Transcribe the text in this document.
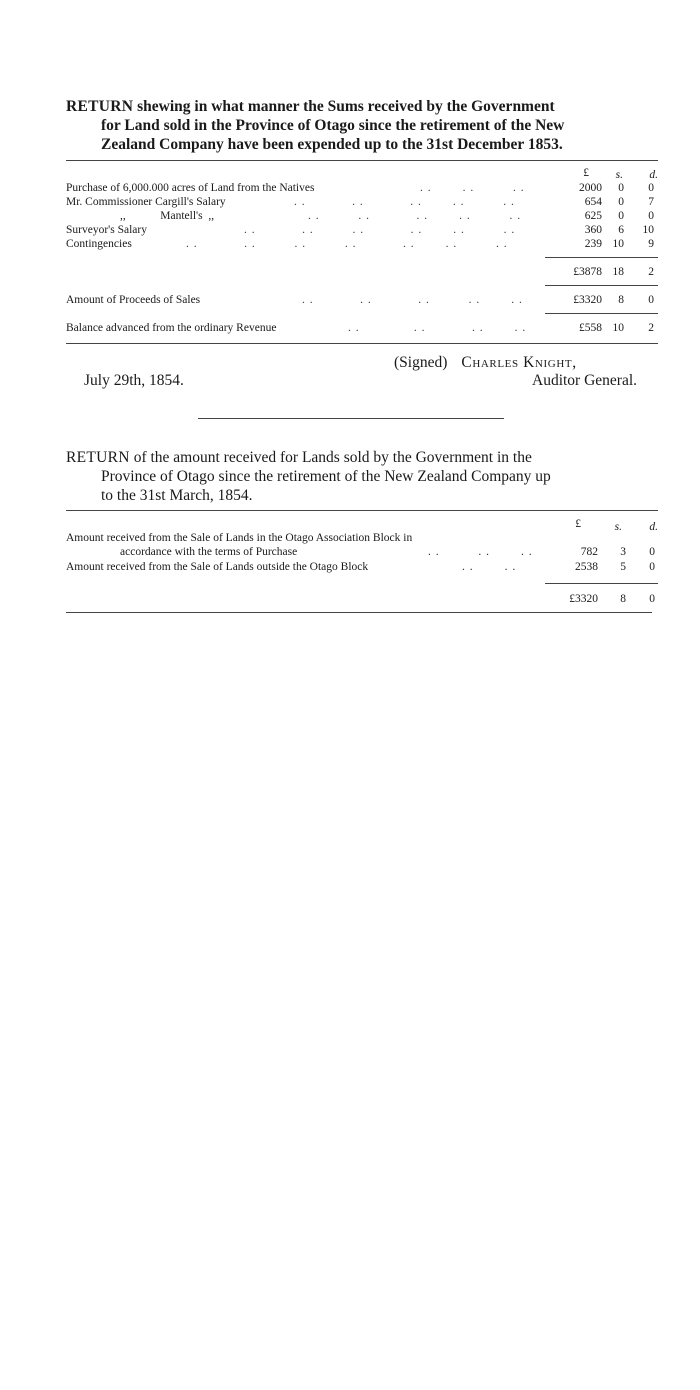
RETURN shewing in what manner the Sums received by the Government
for Land sold in the Province of Otago since the retirement of the New
Zealand Company have been expended up to the 31st December 1853.
£	s.	d.
Purchase of 6,000.000 acres of Land from the Natives	. .        . .          . .	2000	0	0
Mr. Commissioner Cargill's Salary	. .            . .            . .        . .          . .	654	0	7
,,            Mantell's  ,,	. .          . .            . .        . .          . .	625	0	0
Surveyor's Salary	. .            . .          . .            . .        . .          . .	360	6	10
Contingencies	. .            . .          . .          . .            . .        . .          . .	239 10	9
£3878 18	2
Amount of Proceeds of Sales	. .            . .            . .          . .        . .	£3320	8	0
Balance advanced from the ordinary Revenue	. .              . .            . .        . .	£558 10	2
(Signed) Charles Knight,
July 29th, 1854.	Auditor General.
RETURN of the amount received for Lands sold by the Government in the
Province of Otago since the retirement of the New Zealand Company up
to the 31st March, 1854.
£	s.	d.
Amount received from the Sale of Lands in the Otago Association Block in
accordance with the terms of Purchase	. .          . .        . .	782	3	0
Amount received from the Sale of Lands outside the Otago Block	. .        . .	2538	5	0
£3320	8	0
